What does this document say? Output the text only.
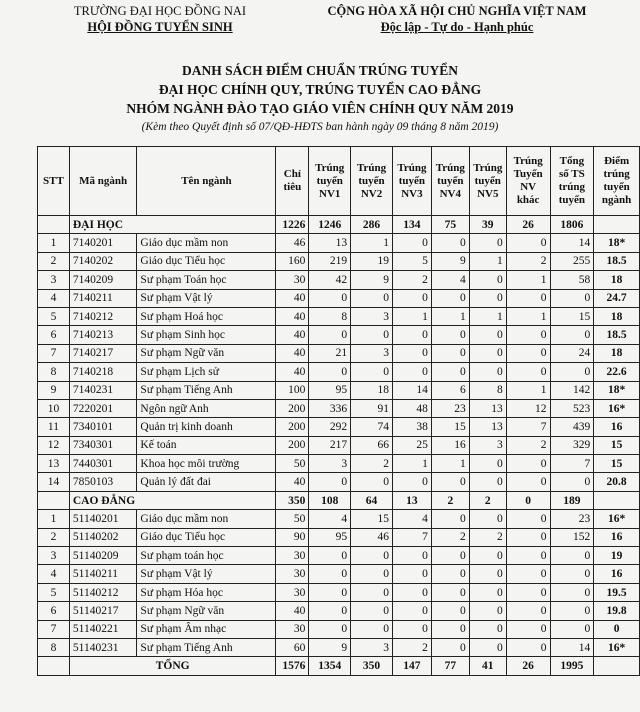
TRƯỜNG ĐẠI HỌC ĐỒNG NAI
HỘI ĐỒNG TUYỂN SINH
CỘNG HÒA XÃ HỘI CHỦ NGHĨA VIỆT NAM
Độc lập - Tự do - Hạnh phúc
DANH SÁCH ĐIỂM CHUẨN TRÚNG TUYỂN
ĐẠI HỌC CHÍNH QUY, TRÚNG TUYỂN CAO ĐẲNG
NHÓM NGÀNH ĐÀO TẠO GIÁO VIÊN CHÍNH QUY NĂM 2019
(Kèm theo Quyết định số 07/QĐ-HĐTS ban hành ngày 09 tháng 8 năm 2019)
STT	Mã ngành	Tên ngành	Chỉ tiêu	Trúng tuyển NV1	Trúng tuyển NV2	Trúng tuyển NV3	Trúng tuyển NV4	Trúng tuyển NV5	Trúng Tuyển NV khác	Tổng số TS trúng tuyển	Điểm trúng tuyển ngành
	ĐẠI HỌC		1226	1246	286	134	75	39	26	1806	
1	7140201	Giáo dục mầm non	46	13	1	0	0	0	0	14	18*
2	7140202	Giáo dục Tiểu học	160	219	19	5	9	1	2	255	18.5
3	7140209	Sư phạm Toán học	30	42	9	2	4	0	1	58	18
4	7140211	Sư phạm Vật lý	40	0	0	0	0	0	0	0	24.7
5	7140212	Sư phạm Hoá học	40	8	3	1	1	1	1	15	18
6	7140213	Sư phạm Sinh học	40	0	0	0	0	0	0	0	18.5
7	7140217	Sư phạm Ngữ văn	40	21	3	0	0	0	0	24	18
8	7140218	Sư phạm Lịch sử	40	0	0	0	0	0	0	0	22.6
9	7140231	Sư phạm Tiếng Anh	100	95	18	14	6	8	1	142	18*
10	7220201	Ngôn ngữ Anh	200	336	91	48	23	13	12	523	16*
11	7340101	Quản trị kinh doanh	200	292	74	38	15	13	7	439	16
12	7340301	Kế toán	200	217	66	25	16	3	2	329	15
13	7440301	Khoa học môi trường	50	3	2	1	1	0	0	7	15
14	7850103	Quản lý đất đai	40	0	0	0	0	0	0	0	20.8
	CAO ĐẲNG		350	108	64	13	2	2	0	189	
1	51140201	Giáo dục mầm non	50	4	15	4	0	0	0	23	16*
2	51140202	Giáo dục Tiểu học	90	95	46	7	2	2	0	152	16
3	51140209	Sư phạm toán học	30	0	0	0	0	0	0	0	19
4	51140211	Sư phạm Vật lý	30	0	0	0	0	0	0	0	16
5	51140212	Sư phạm Hóa học	30	0	0	0	0	0	0	0	19.5
6	51140217	Sư phạm Ngữ văn	40	0	0	0	0	0	0	0	19.8
7	51140221	Sư phạm Âm nhạc	30	0	0	0	0	0	0	0	0
8	51140231	Sư phạm Tiếng Anh	60	9	3	2	0	0	0	14	16*
	TỔNG		1576	1354	350	147	77	41	26	1995	
